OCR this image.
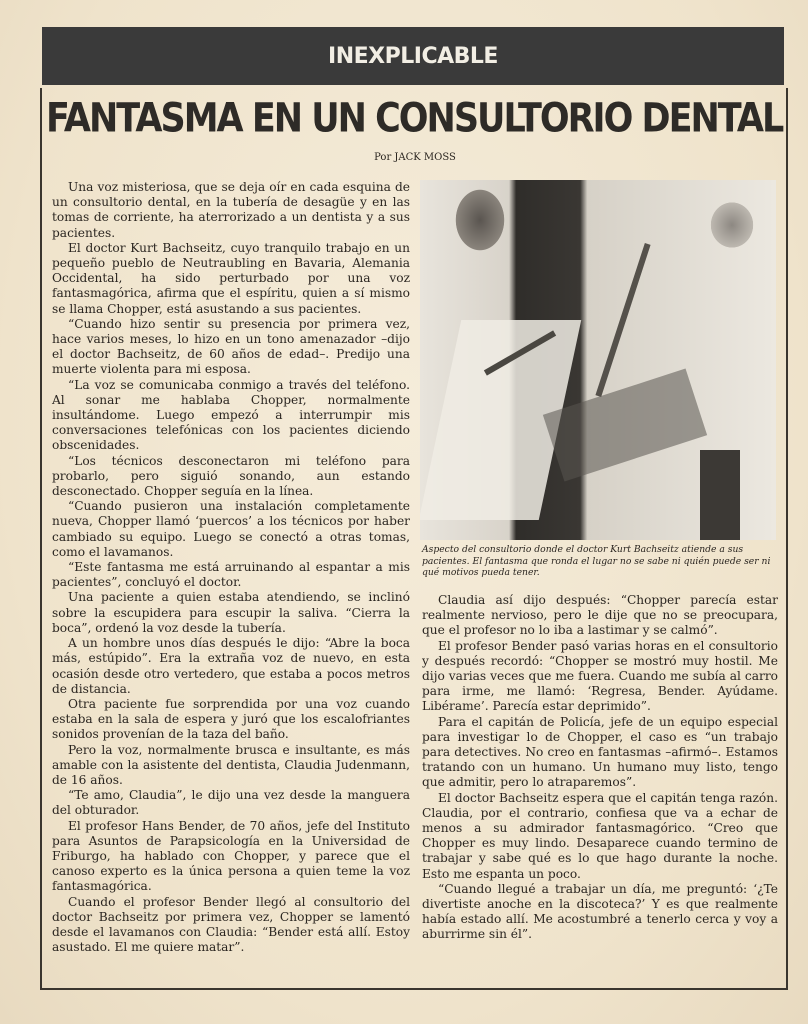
INEXPLICABLE
FANTASMA EN UN CONSULTORIO DENTAL
Por JACK MOSS

Una voz misteriosa, que se deja oír en cada esquina de un consultorio dental, en la tubería de desagüe y en las tomas de corriente, ha aterrorizado a un dentista y a sus pacientes.

El doctor Kurt Bachseitz, cuyo tranquilo trabajo en un pequeño pueblo de Neutraubling en Bavaria, Alemania Occidental, ha sido perturbado por una voz fantasmagórica, afirma que el espíritu, quien a sí mismo se llama Chopper, está asustando a sus pacientes.

“Cuando hizo sentir su presencia por primera vez, hace varios meses, lo hizo en un tono amenazador –dijo el doctor Bachseitz, de 60 años de edad–. Predijo una muerte violenta para mi esposa.

“La voz se comunicaba conmigo a través del teléfono. Al sonar me hablaba Chopper, normalmente insultándome. Luego empezó a interrumpir mis conversaciones telefónicas con los pacientes diciendo obscenidades.

“Los técnicos desconectaron mi teléfono para probarlo, pero siguió sonando, aun estando desconectado. Chopper seguía en la línea.

“Cuando pusieron una instalación completamente nueva, Chopper llamó ‘puercos’ a los técnicos por haber cambiado su equipo. Luego se conectó a otras tomas, como el lavamanos.

“Este fantasma me está arruinando al espantar a mis pacientes”, concluyó el doctor.

Una paciente a quien estaba atendiendo, se inclinó sobre la escupidera para escupir la saliva. “Cierra la boca”, ordenó la voz desde la tubería.

A un hombre unos días después le dijo: “Abre la boca más, estúpido”. Era la extraña voz de nuevo, en esta ocasión desde otro vertedero, que estaba a pocos metros de distancia.

Otra paciente fue sorprendida por una voz cuando estaba en la sala de espera y juró que los escalofriantes sonidos provenían de la taza del baño.

Pero la voz, normalmente brusca e insultante, es más amable con la asistente del dentista, Claudia Judenmann, de 16 años.

“Te amo, Claudia”, le dijo una vez desde la manguera del obturador.

El profesor Hans Bender, de 70 años, jefe del Instituto para Asuntos de Parapsicología en la Universidad de Friburgo, ha hablado con Chopper, y parece que el canoso experto es la única persona a quien teme la voz fantasmagórica.

Cuando el profesor Bender llegó al consultorio del doctor Bachseitz por primera vez, Chopper se lamentó desde el lavamanos con Claudia: “Bender está allí. Estoy asustado. El me quiere matar”.

Aspecto del consultorio donde el doctor Kurt Bachseitz atiende a sus pacientes. El fantasma que ronda el lugar no se sabe ni quién puede ser ni qué motivos pueda tener.

Claudia así dijo después: “Chopper parecía estar realmente nervioso, pero le dije que no se preocupara, que el profesor no lo iba a lastimar y se calmó”.

El profesor Bender pasó varias horas en el consultorio y después recordó: “Chopper se mostró muy hostil. Me dijo varias veces que me fuera. Cuando me subía al carro para irme, me llamó: ‘Regresa, Bender. Ayúdame. Libérame’. Parecía estar deprimido”.

Para el capitán de Policía, jefe de un equipo especial para investigar lo de Chopper, el caso es “un trabajo para detectives. No creo en fantasmas –afirmó–. Estamos tratando con un humano. Un humano muy listo, tengo que admitir, pero lo atraparemos”.

El doctor Bachseitz espera que el capitán tenga razón. Claudia, por el contrario, confiesa que va a echar de menos a su admirador fantasmagórico. “Creo que Chopper es muy lindo. Desaparece cuando termino de trabajar y sabe qué es lo que hago durante la noche. Esto me espanta un poco.

“Cuando llegué a trabajar un día, me preguntó: ‘¿Te divertiste anoche en la discoteca?’ Y es que realmente había estado allí. Me acostumbré a tenerlo cerca y voy a aburrirme sin él”.
